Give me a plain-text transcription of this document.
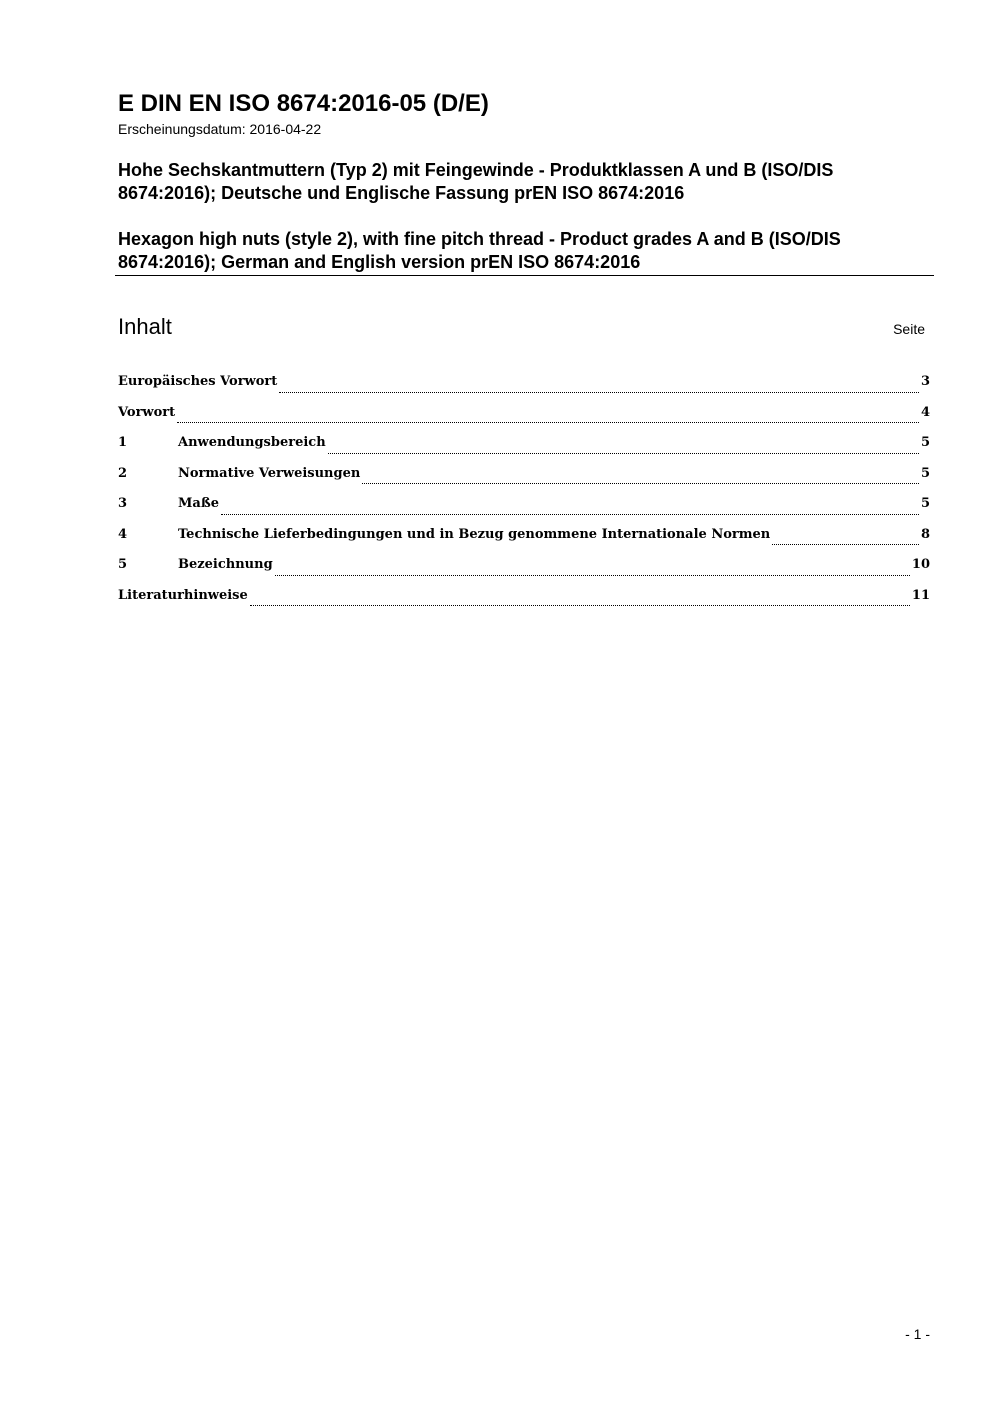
E DIN EN ISO 8674:2016-05 (D/E)
Erscheinungsdatum: 2016-04-22

Hohe Sechskantmuttern (Typ 2) mit Feingewinde - Produktklassen A und B (ISO/DIS 8674:2016); Deutsche und Englische Fassung prEN ISO 8674:2016

Hexagon high nuts (style 2), with fine pitch thread - Product grades A and B (ISO/DIS 8674:2016); German and English version prEN ISO 8674:2016

Inhalt	Seite
Europäisches Vorwort	3
Vorwort	4
1	Anwendungsbereich	5
2	Normative Verweisungen	5
3	Maße	5
4	Technische Lieferbedingungen und in Bezug genommene Internationale Normen	8
5	Bezeichnung	10
Literaturhinweise	11
- 1 -
